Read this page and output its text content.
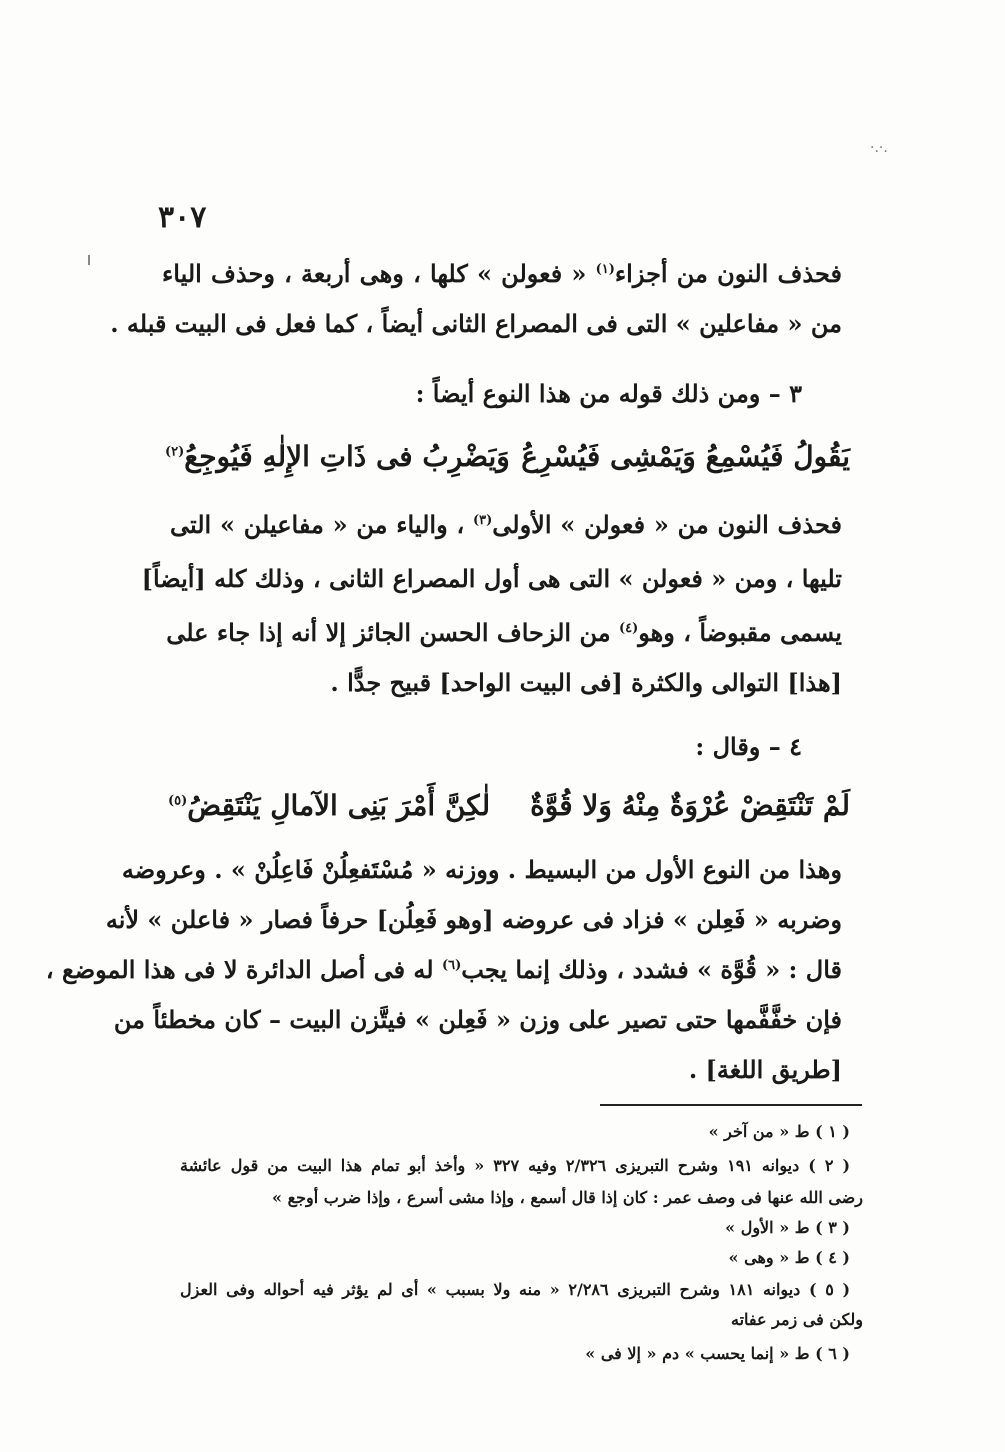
·.·.
٣٠٧
فحذف النون من أجزاء$^{(١)}$ « فعولن » كلها ، وهى أربعة ، وحذف الياء
من « مفاعلين » التى فى المصراع الثانى أيضاً ، كما فعل فى البيت قبله .
٣ – ومن ذلك قوله من هذا النوع أيضاً :
يَقُولُ فَيُسْمِعُ وَيَمْشِى فَيُسْرِعُ
وَيَضْرِبُ فى ذَاتِ الإِلٰهِ فَيُوجِعُ$^{(٢)}$
فحذف النون من « فعولن » الأولى$^{(٣)}$ ، والياء من « مفاعيلن » التى
تليها ، ومن « فعولن » التى هى أول المصراع الثانى ، وذلك كله [أيضاً]
يسمى مقبوضاً ، وهو$^{(٤)}$ من الزحاف الحسن الجائز إلا أنه إذا جاء على
[هذا] التوالى والكثرة [فى البيت الواحد] قبيح جدًّا .
٤ – وقال :
لَمْ تَنْتَقِضْ عُرْوَةٌ مِنْهُ وَلا قُوَّةٌ
لٰكِنَّ أَمْرَ بَنِى الآمالِ يَنْتَقِضُ$^{(٥)}$
وهذا من النوع الأول من البسيط . ووزنه « مُسْتَفعِلُنْ فَاعِلُنْ » . وعروضه
وضربه « فَعِلن » فزاد فى عروضه [وهو فَعِلُن] حرفاً فصار « فاعلن » لأنه
قال : « قُوَّة » فشدد ، وذلك إنما يجب$^{(٦)}$ له فى أصل الدائرة لا فى هذا الموضع ،
فإن خفَّفَّمها حتى تصير على وزن « فَعِلن » فيتَّزن البيت – كان مخطئاً من
[طريق اللغة] .
( ١ ) ط « من آخر »
( ٢ ) ديوانه ١٩١ وشرح التبريزى ٢/٣٢٦ وفيه ٣٢٧ « وأخذ أبو تمام هذا البيت من قول عائشة
رضى الله عنها فى وصف عمر : كان إذا قال أسمع ، وإذا مشى أسرع ، وإذا ضرب أوجع »
( ٣ ) ط « الأول »
( ٤ ) ط « وهى »
( ٥ ) ديوانه ١٨١ وشرح التبريزى ٢/٢٨٦ « منه ولا بسبب » أى لم يؤثر فيه أحواله وفى العزل
ولكن فى زمر عفاته
( ٦ ) ط « إنما يحسب » دم « إلا فى »
